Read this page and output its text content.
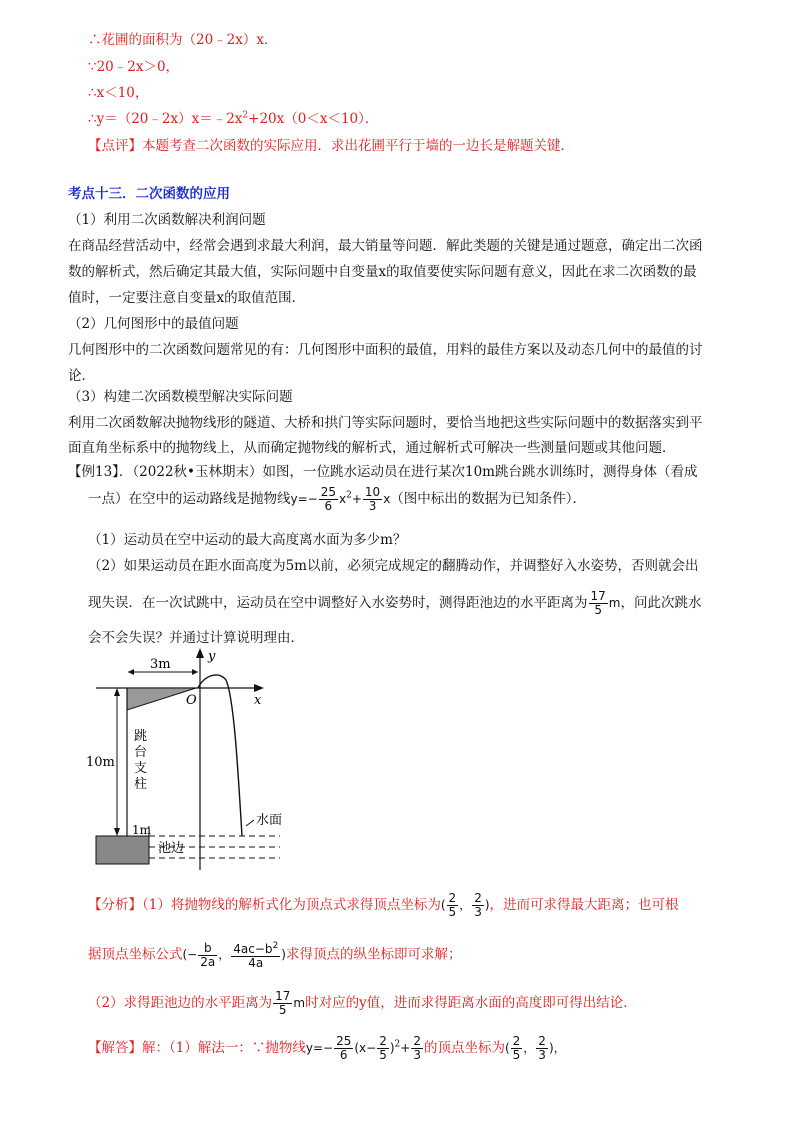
∴花圃的面积为（20﹣2x）x．
∵20﹣2x＞0，
∴x＜10，
$\therefore y=(20﹣2x)x=﹣2x^2+20x(0<x<10)$．
【点评】本题考查二次函数的实际应用．求出花圃平行于墙的一边长是解题关键．
考点十三．二次函数的应用
（1）利用二次函数解决利润问题
在商品经营活动中，经常会遇到求最大利润，最大销量等问题．解此类题的关键是通过题意，确定出二次函
数的解析式，然后确定其最大值，实际问题中自变量x的取值要使实际问题有意义，因此在求二次函数的最
值时，一定要注意自变量x的取值范围．
（2）几何图形中的最值问题
几何图形中的二次函数问题常见的有：几何图形中面积的最值，用料的最佳方案以及动态几何中的最值的讨
论．
（3）构建二次函数模型解决实际问题
利用二次函数解决抛物线形的隧道、大桥和拱门等实际问题时，要恰当地把这些实际问题中的数据落实到平
面直角坐标系中的抛物线上，从而确定抛物线的解析式，通过解析式可解决一些测量问题或其他问题．
【例13】．（2022秋•玉林期末）如图，一位跳水运动员在进行某次10m跳台跳水训练时，测得身体（看成
一点）在空中的运动路线是抛物线$y=- \frac{25}{6} x^2+ \frac{10}{3} x$（图中标出的数据为已知条件）．
（1）运动员在空中运动的最大高度离水面为多少m？
（2）如果运动员在距水面高度为5m以前，必须完成规定的翻腾动作，并调整好入水姿势，否则就会出
现失误．在一次试跳中，运动员在空中调整好入水姿势时，测得距池边的水平距离为 $\frac{17}{5}$ m，问此次跳水
会不会失误？并通过计算说明理由．
y
x
O
3m
跳
台
支
柱
10m
1m
池边
水面
【分析】（1）将抛物线的解析式化为顶点式求得顶点坐标为( $\frac{2}{5}$ ， $\frac{2}{3}$ )，进而可求得最大距离；也可根
据顶点坐标公式(− $\frac{b}{2a}$ ， $\frac{4ac-b^2}{4a}$ )求得顶点的纵坐标即可求解；
（2）求得距池边的水平距离为 $\frac{17}{5}$ m时对应的y值，进而求得距离水面的高度即可得出结论．
【解答】解：（1）解法一：∵抛物线$y=- \frac{25}{6} (x- \frac{2}{5} )^2+ \frac{2}{3}$ 的顶点坐标为( $\frac{2}{5}$ ， $\frac{2}{3}$ )，
